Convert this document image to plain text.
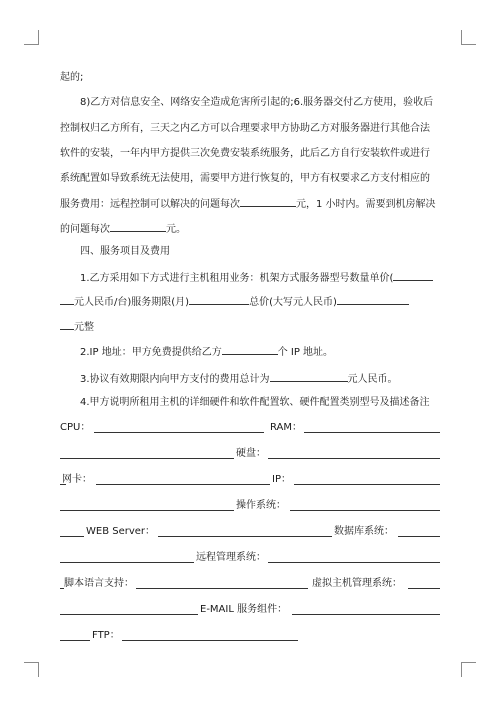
起的;
8)乙方对信息安全、网络安全造成危害所引起的;6.服务器交付乙方使用，验收后
控制权归乙方所有，三天之内乙方可以合理要求甲方协助乙方对服务器进行其他合法
软件的安装，一年内甲方提供三次免费安装系统服务，此后乙方自行安装软件或进行
系统配置如导致系统无法使用，需要甲方进行恢复的，甲方有权要求乙方支付相应的
服务费用：远程控制可以解决的问题每次	元，1 小时内。需要到机房解决
的问题每次	元。
四、服务项目及费用
1.乙方采用如下方式进行主机租用业务：机架方式服务器型号数量单价(
元人民币/台)服务期限(月)	总价(大写元人民币)
元整
2.IP 地址：甲方免费提供给乙方	个 IP 地址。
3.协议有效期限内向甲方支付的费用总计为	元人民币。
4.甲方说明所租用主机的详细硬件和软件配置软、硬件配置类别型号及描述备注
CPU：	RAM：
硬盘：
网卡：	IP：
操作系统：
WEB Server：	数据库系统：
远程管理系统：
脚本语言支持：	虚拟主机管理系统：
E-MAIL 服务组件：
FTP：
